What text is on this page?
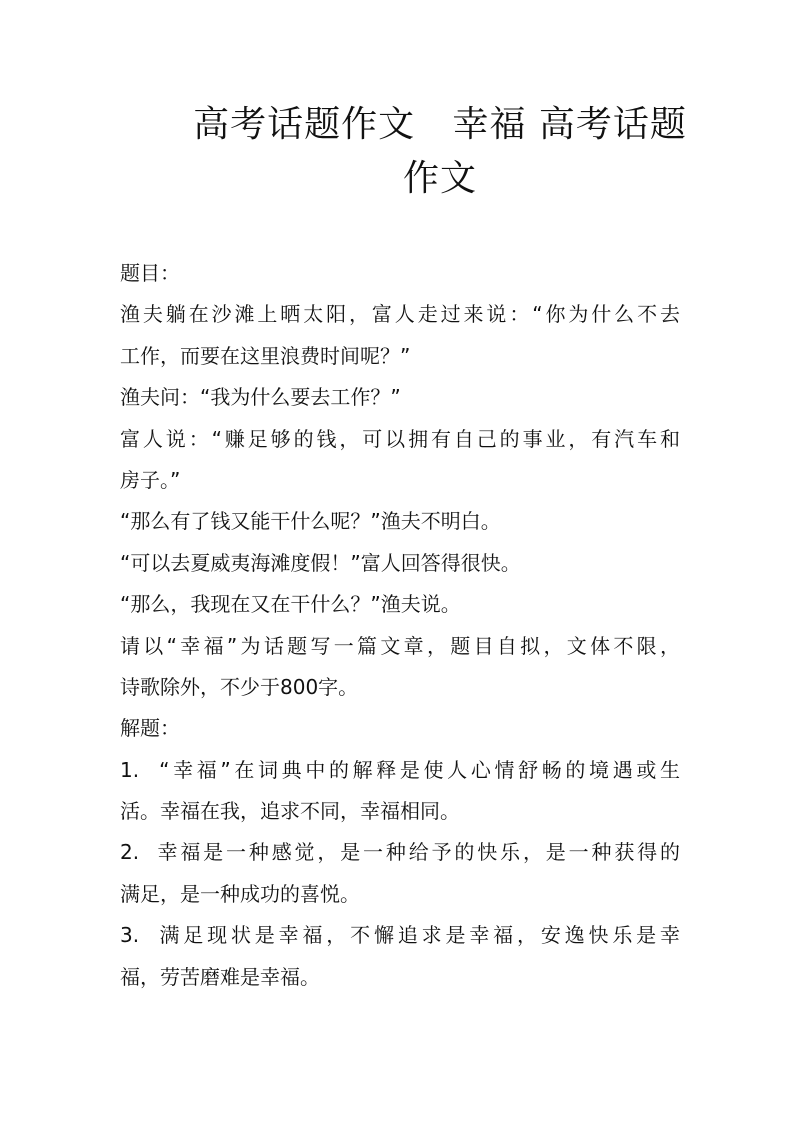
高考话题作文   幸福 高考话题
作文
题目：
渔夫躺在沙滩上晒太阳，富人走过来说：“你为什么不去
工作，而要在这里浪费时间呢？”
渔夫问：“我为什么要去工作？”
富人说：“赚足够的钱，可以拥有自己的事业，有汽车和
房子。”
“那么有了钱又能干什么呢？”渔夫不明白。
“可以去夏威夷海滩度假！”富人回答得很快。
“那么，我现在又在干什么？”渔夫说。
请以“幸福”为话题写一篇文章，题目自拟，文体不限，
诗歌除外，不少于800字。
解题：
1.  “幸福”在词典中的解释是使人心情舒畅的境遇或生
活。幸福在我，追求不同，幸福相同。
2.  幸福是一种感觉，是一种给予的快乐，是一种获得的
满足，是一种成功的喜悦。
3.  满足现状是幸福，不懈追求是幸福，安逸快乐是幸
福，劳苦磨难是幸福。
